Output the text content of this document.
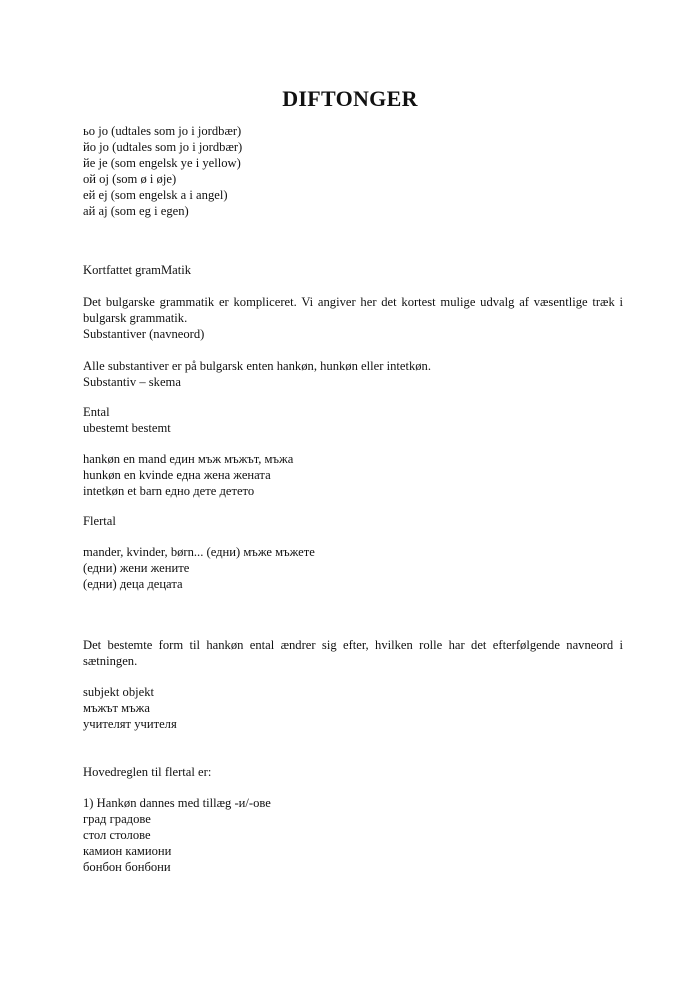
DIFTONGER
ьо jo (udtales som jo i jordbær)
йо jo (udtales som jo i jordbær)
йе je (som engelsk ye i yellow)
ой oj (som ø i øje)
ей ej (som engelsk a i angel)
ай aj (som eg i egen)
Kortfattet gramMatik
Det bulgarske grammatik er kompliceret. Vi angiver her det kortest mulige udvalg af væsentlige træk i bulgarsk grammatik.
Substantiver (navneord)
Alle substantiver er på bulgarsk enten hankøn, hunkøn eller intetkøn.
Substantiv – skema
Ental
ubestemt bestemt
hankøn en mand един мъж мъжът, мъжа
hunkøn en kvinde една жена жената
intetkøn et barn едно дете детето
Flertal
mander, kvinder, børn... (едни) мъже мъжете
(едни) жени жените
(едни) деца децата
Det bestemte form til hankøn ental ændrer sig efter, hvilken rolle har det efterfølgende navneord i sætningen.
subjekt objekt
мъжът мъжа
учителят учителя
Hovedreglen til flertal er:
1) Hankøn dannes med tillæg -и/-ове
град градове
стол столове
камион камиони
бонбон бонбони
